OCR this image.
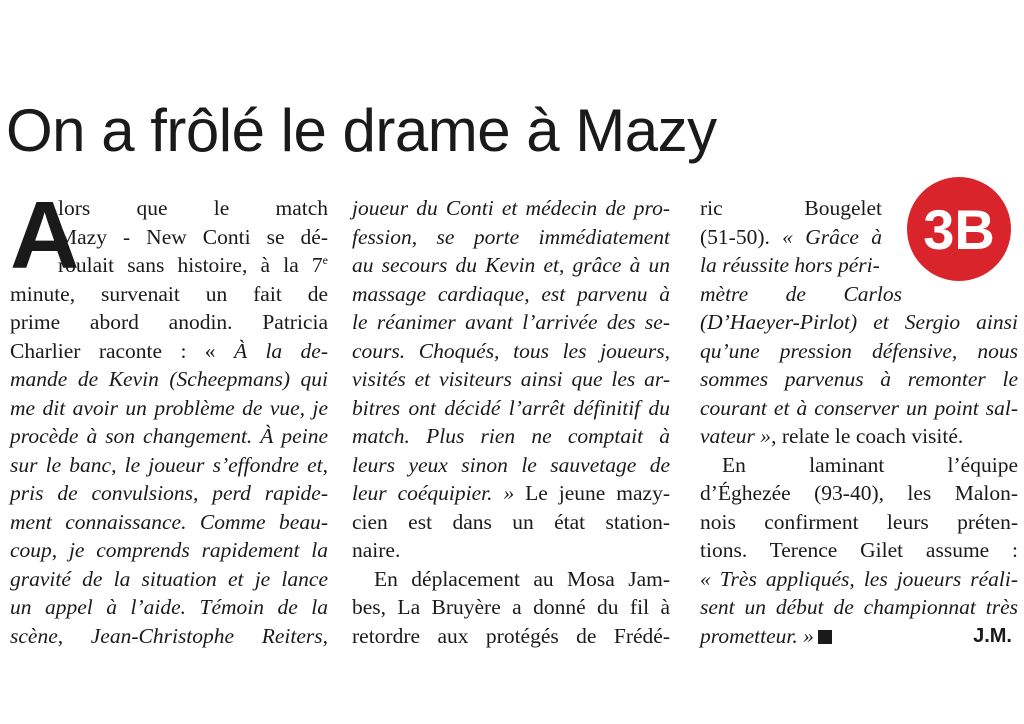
On a frôlé le drame à Mazy
A
lors que le match
Mazy - New Conti se dé-
roulait sans histoire, à la 7e
minute, survenait un fait de
prime abord anodin. Patricia
Charlier raconte : « À la de-
mande de Kevin (Scheepmans) qui
me dit avoir un problème de vue, je
procède à son changement. À peine
sur le banc, le joueur s’effondre et,
pris de convulsions, perd rapide-
ment connaissance. Comme beau-
coup, je comprends rapidement la
gravité de la situation et je lance
un appel à l’aide. Témoin de la
scène, Jean-Christophe Reiters,
joueur du Conti et médecin de pro-
fession, se porte immédiatement
au secours du Kevin et, grâce à un
massage cardiaque, est parvenu à
le réanimer avant l’arrivée des se-
cours. Choqués, tous les joueurs,
visités et visiteurs ainsi que les ar-
bitres ont décidé l’arrêt définitif du
match. Plus rien ne comptait à
leurs yeux sinon le sauvetage de
leur coéquipier. » Le jeune mazy-
cien est dans un état station-
naire.
En déplacement au Mosa Jam-
bes, La Bruyère a donné du fil à
retordre aux protégés de Frédé-
ric Bougelet
(51-50). « Grâce à
la réussite hors péri-
mètre de Carlos
(D’Haeyer-Pirlot) et Sergio ainsi
qu’une pression défensive, nous
sommes parvenus à remonter le
courant et à conserver un point sal-
vateur », relate le coach visité.
En laminant l’équipe
d’Éghezée (93-40), les Malon-
nois confirment leurs préten-
tions. Terence Gilet assume :
« Très appliqués, les joueurs réali-
sent un début de championnat très
prometteur. »	J.M.
3B
